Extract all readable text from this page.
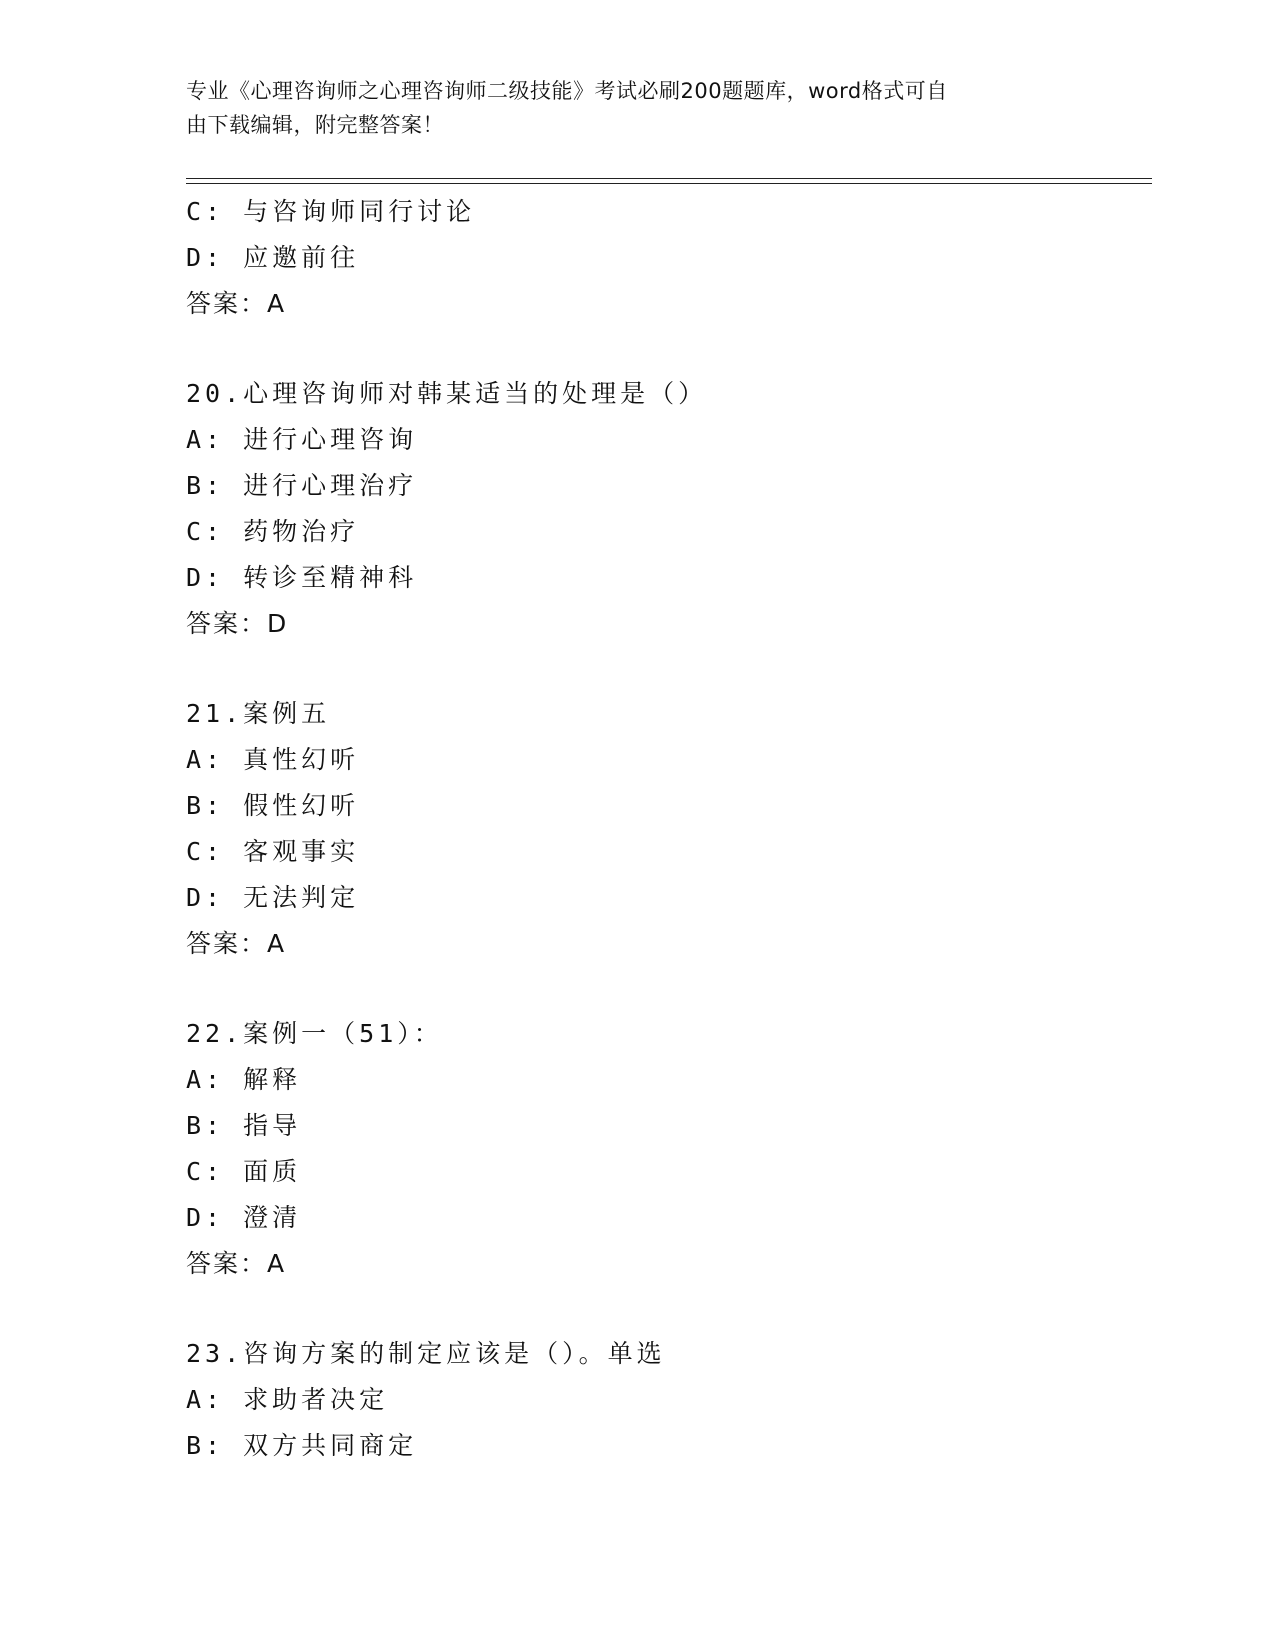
专业《心理咨询师之心理咨询师二级技能》考试必刷200题题库，word格式可自
由下载编辑，附完整答案！
C: 与咨询师同行讨论
D: 应邀前往
答案：A
20.心理咨询师对韩某适当的处理是（）
A: 进行心理咨询
B: 进行心理治疗
C: 药物治疗
D: 转诊至精神科
答案：D
21.案例五
A: 真性幻听
B: 假性幻听
C: 客观事实
D: 无法判定
答案：A
22.案例一（51）：
A: 解释
B: 指导
C: 面质
D: 澄清
答案：A
23.咨询方案的制定应该是（）。单选
A: 求助者决定
B: 双方共同商定
